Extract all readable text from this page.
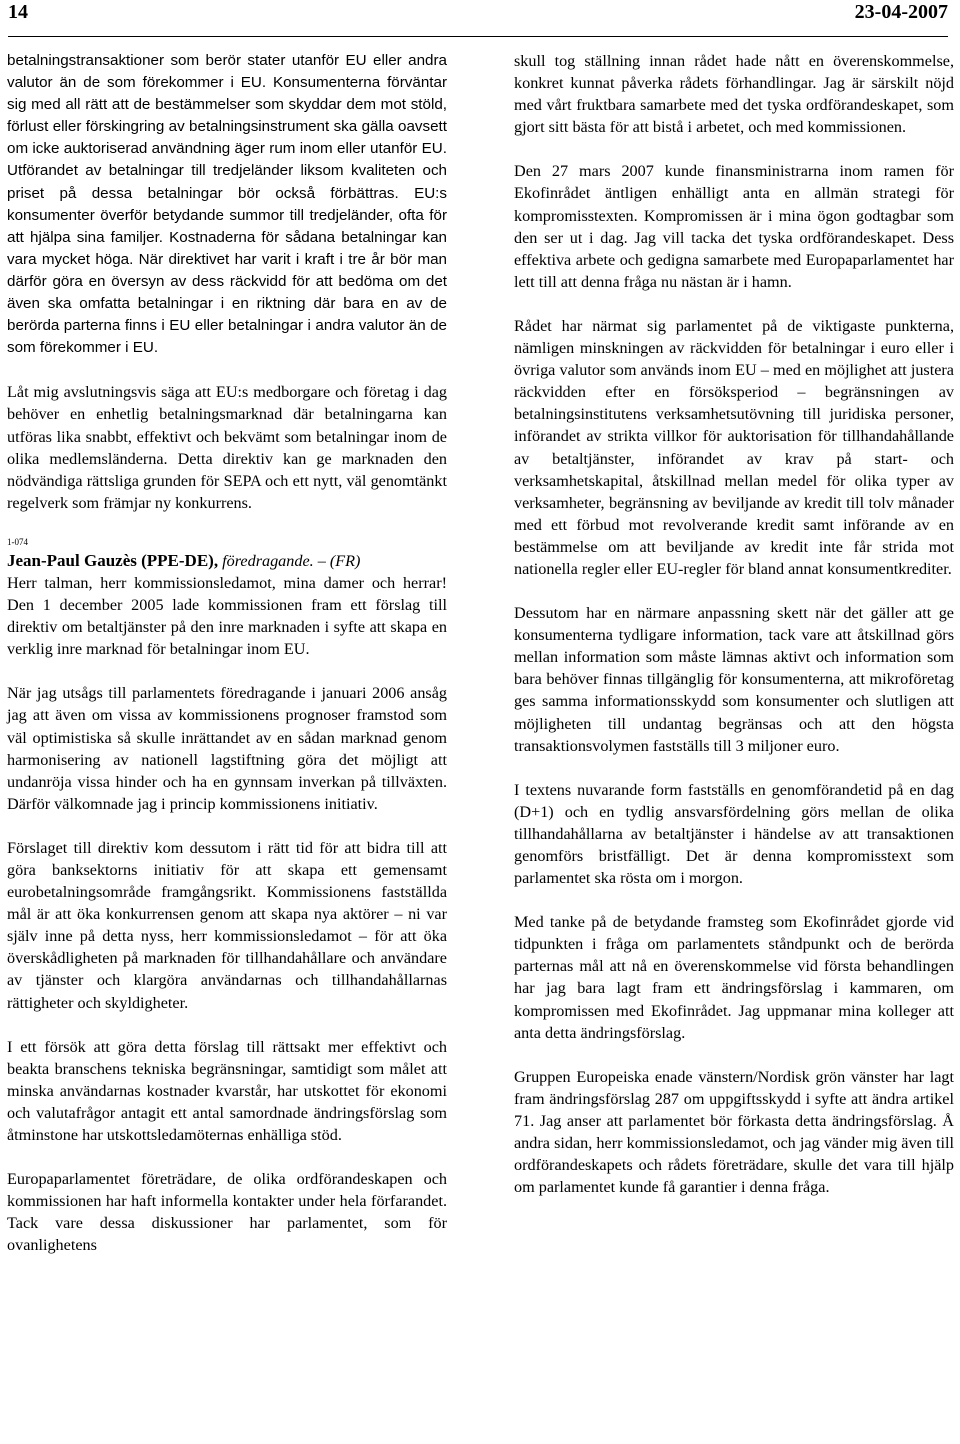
14	23-04-2007

betalningstransaktioner som berör stater utanför EU eller andra valutor än de som förekommer i EU. Konsumenterna förväntar sig med all rätt att de bestämmelser som skyddar dem mot stöld, förlust eller förskingring av betalningsinstrument ska gälla oavsett om icke auktoriserad användning äger rum inom eller utanför EU. Utförandet av betalningar till tredjeländer liksom kvaliteten och priset på dessa betalningar bör också förbättras. EU:s konsumenter överför betydande summor till tredjeländer, ofta för att hjälpa sina familjer. Kostnaderna för sådana betalningar kan vara mycket höga. När direktivet har varit i kraft i tre år bör man därför göra en översyn av dess räckvidd för att bedöma om det även ska omfatta betalningar i en riktning där bara en av de berörda parterna finns i EU eller betalningar i andra valutor än de som förekommer i EU.

Låt mig avslutningsvis säga att EU:s medborgare och företag i dag behöver en enhetlig betalningsmarknad där betalningarna kan utföras lika snabbt, effektivt och bekvämt som betalningar inom de olika medlemsländerna. Detta direktiv kan ge marknaden den nödvändiga rättsliga grunden för SEPA och ett nytt, väl genomtänkt regelverk som främjar ny konkurrens.

1-074
Jean-Paul Gauzès (PPE-DE), föredragande. – (FR)

Herr talman, herr kommissionsledamot, mina damer och herrar! Den 1 december 2005 lade kommissionen fram ett förslag till direktiv om betaltjänster på den inre marknaden i syfte att skapa en verklig inre marknad för betalningar inom EU.

När jag utsågs till parlamentets föredragande i januari 2006 ansåg jag att även om vissa av kommissionens prognoser framstod som väl optimistiska så skulle inrättandet av en sådan marknad genom harmonisering av nationell lagstiftning göra det möjligt att undanröja vissa hinder och ha en gynnsam inverkan på tillväxten. Därför välkomnade jag i princip kommissionens initiativ.

Förslaget till direktiv kom dessutom i rätt tid för att bidra till att göra banksektorns initiativ för att skapa ett gemensamt eurobetalningsområde framgångsrikt. Kommissionens fastställda mål är att öka konkurrensen genom att skapa nya aktörer – ni var själv inne på detta nyss, herr kommissionsledamot – för att öka överskådligheten på marknaden för tillhandahållare och användare av tjänster och klargöra användarnas och tillhandahållarnas rättigheter och skyldigheter.

I ett försök att göra detta förslag till rättsakt mer effektivt och beakta branschens tekniska begränsningar, samtidigt som målet att minska användarnas kostnader kvarstår, har utskottet för ekonomi och valutafrågor antagit ett antal samordnade ändringsförslag som åtminstone har utskottsledamöternas enhälliga stöd.

Europaparlamentet företrädare, de olika ordförandeskapen och kommissionen har haft informella kontakter under hela förfarandet. Tack vare dessa diskussioner har parlamentet, som för ovanlighetens

skull tog ställning innan rådet hade nått en överenskommelse, konkret kunnat påverka rådets förhandlingar. Jag är särskilt nöjd med vårt fruktbara samarbete med det tyska ordförandeskapet, som gjort sitt bästa för att bistå i arbetet, och med kommissionen.

Den 27 mars 2007 kunde finansministrarna inom ramen för Ekofinrådet äntligen enhälligt anta en allmän strategi för kompromisstexten. Kompromissen är i mina ögon godtagbar som den ser ut i dag. Jag vill tacka det tyska ordförandeskapet. Dess effektiva arbete och gedigna samarbete med Europaparlamentet har lett till att denna fråga nu nästan är i hamn.

Rådet har närmat sig parlamentet på de viktigaste punkterna, nämligen minskningen av räckvidden för betalningar i euro eller i övriga valutor som används inom EU – med en möjlighet att justera räckvidden efter en försöksperiod – begränsningen av betalningsinstitutens verksamhetsutövning till juridiska personer, införandet av strikta villkor för auktorisation för tillhandahållande av betaltjänster, införandet av krav på start- och verksamhetskapital, åtskillnad mellan medel för olika typer av verksamheter, begränsning av beviljande av kredit till tolv månader med ett förbud mot revolverande kredit samt införande av en bestämmelse om att beviljande av kredit inte får strida mot nationella regler eller EU-regler för bland annat konsumentkrediter.

Dessutom har en närmare anpassning skett när det gäller att ge konsumenterna tydligare information, tack vare att åtskillnad görs mellan information som måste lämnas aktivt och information som bara behöver finnas tillgänglig för konsumenterna, att mikroföretag ges samma informationsskydd som konsumenter och slutligen att möjligheten till undantag begränsas och att den högsta transaktionsvolymen fastställs till 3 miljoner euro.

I textens nuvarande form fastställs en genomförandetid på en dag (D+1) och en tydlig ansvarsfördelning görs mellan de olika tillhandahållarna av betaltjänster i händelse av att transaktionen genomförs bristfälligt. Det är denna kompromisstext som parlamentet ska rösta om i morgon.

Med tanke på de betydande framsteg som Ekofinrådet gjorde vid tidpunkten i fråga om parlamentets ståndpunkt och de berörda parternas mål att nå en överenskommelse vid första behandlingen har jag bara lagt fram ett ändringsförslag i kammaren, om kompromissen med Ekofinrådet. Jag uppmanar mina kolleger att anta detta ändringsförslag.

Gruppen Europeiska enade vänstern/Nordisk grön vänster har lagt fram ändringsförslag 287 om uppgiftsskydd i syfte att ändra artikel 71. Jag anser att parlamentet bör förkasta detta ändringsförslag. Å andra sidan, herr kommissionsledamot, och jag vänder mig även till ordförandeskapets och rådets företrädare, skulle det vara till hjälp om parlamentet kunde få garantier i denna fråga.
